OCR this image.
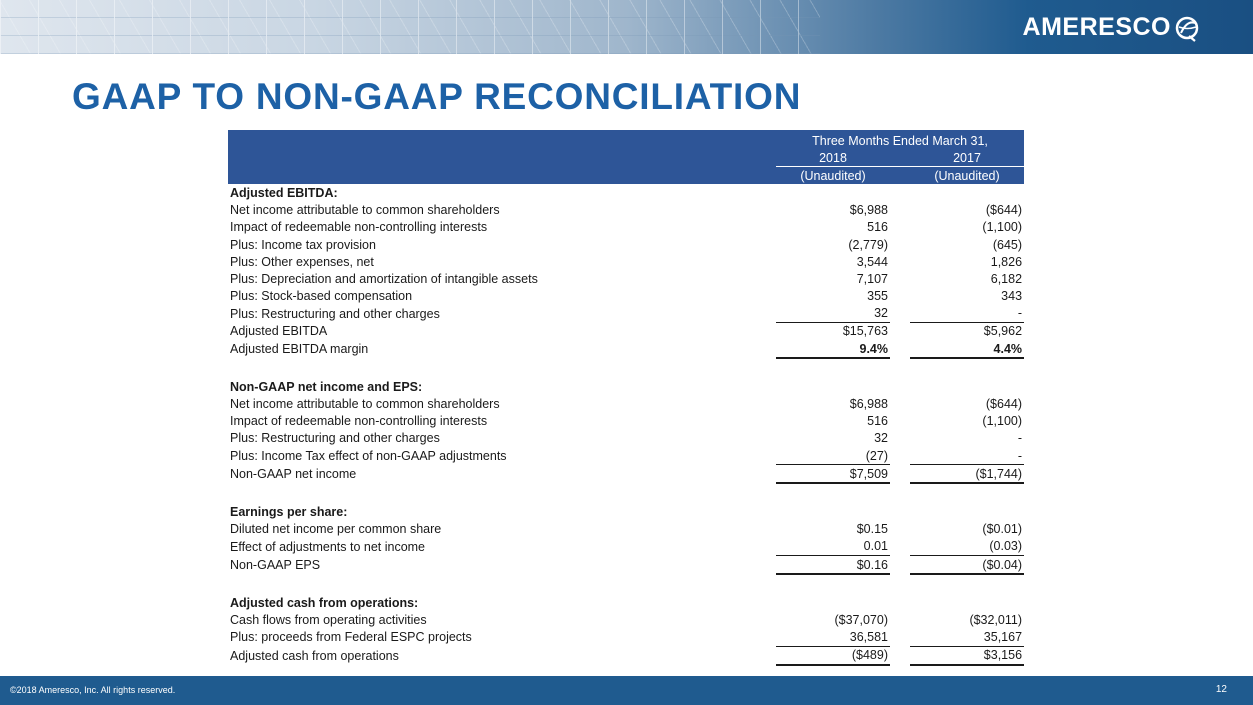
AMERESCO
GAAP TO NON-GAAP RECONCILIATION
	Three Months Ended March 31,		
	2018		2017
	(Unaudited)		(Unaudited)
Adjusted EBITDA:			
Net income attributable to common shareholders	$6,988		($644)
Impact of redeemable non-controlling interests	516		(1,100)
Plus: Income tax provision	(2,779)		(645)
Plus: Other expenses, net	3,544		1,826
Plus: Depreciation and amortization of intangible assets	7,107		6,182
Plus: Stock-based compensation	355		343
Plus: Restructuring and other charges	32		-
Adjusted EBITDA	$15,763		$5,962
Adjusted EBITDA margin	9.4%		4.4%

Non-GAAP net income and EPS:			
Net income attributable to common shareholders	$6,988		($644)
Impact of redeemable non-controlling interests	516		(1,100)
Plus: Restructuring and other charges	32		-
Plus: Income Tax effect of non-GAAP adjustments	(27)		-
Non-GAAP net income	$7,509		($1,744)

Earnings per share:			
Diluted net income per common share	$0.15		($0.01)
Effect of adjustments to net income	0.01		(0.03)
Non-GAAP EPS	$0.16		($0.04)

Adjusted cash from operations:			
Cash flows from operating activities	($37,070)		($32,011)
Plus: proceeds from Federal ESPC projects	36,581		35,167
Adjusted cash from operations	($489)		$3,156
©2018 Ameresco, Inc. All rights reserved.	12
